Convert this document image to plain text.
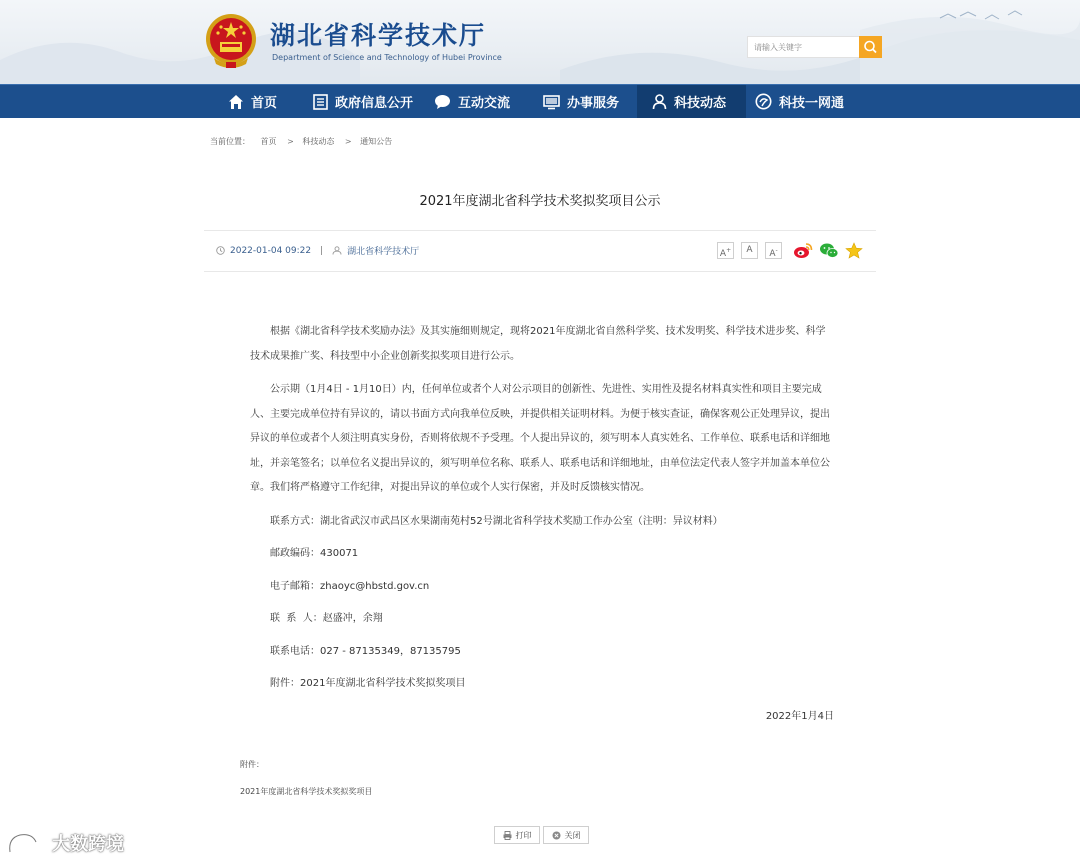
湖北省科学技术厅

Department of Science and Technology of Hubei Province

请输入关键字
首页	政府信息公开	互动交流	办事服务	科技动态	科技一网通
当前位置： 首页 > 科技动态 > 通知公告
2021年度湖北省科学技术奖拟奖项目公示
2022-01-04 09:22 |	湖北省科学技术厅	A+	A	A-

根据《湖北省科学技术奖励办法》及其实施细则规定，现将2021年度湖北省自然科学奖、技术发明奖、科学技术进步奖、科学技术成果推广奖、科技型中小企业创新奖拟奖项目进行公示。

公示期（1月4日 - 1月10日）内，任何单位或者个人对公示项目的创新性、先进性、实用性及提名材料真实性和项目主要完成人、主要完成单位持有异议的，请以书面方式向我单位反映，并提供相关证明材料。为便于核实查证，确保客观公正处理异议，提出异议的单位或者个人须注明真实身份，否则将依规不予受理。个人提出异议的，须写明本人真实姓名、工作单位、联系电话和详细地址，并亲笔签名；以单位名义提出异议的，须写明单位名称、联系人、联系电话和详细地址，由单位法定代表人签字并加盖本单位公章。我们将严格遵守工作纪律，对提出异议的单位或个人实行保密，并及时反馈核实情况。

联系方式：湖北省武汉市武昌区水果湖南苑村52号湖北省科学技术奖励工作办公室（注明：异议材料）
邮政编码：430071
电子邮箱：zhaoyc@hbstd.gov.cn
联  系  人：赵盛冲，余翔
联系电话：027 - 87135349，87135795
附件：2021年度湖北省科学技术奖拟奖项目
2022年1月4日
附件：
2021年度湖北省科学技术奖拟奖项目
打印	关闭
大数跨境
